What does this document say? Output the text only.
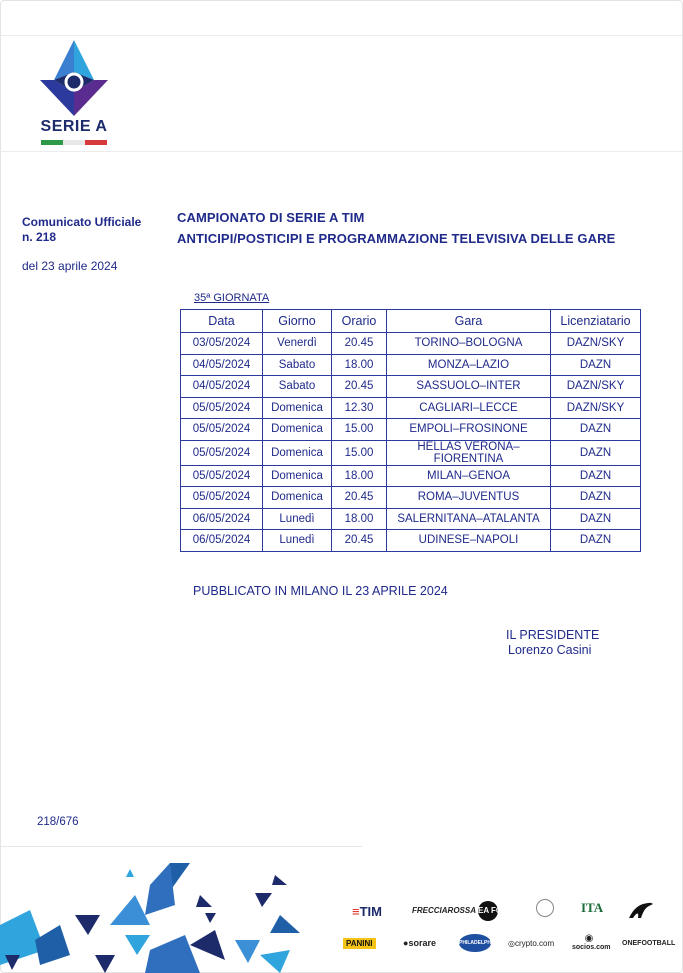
SERIE A
Comunicato Ufficiale
n. 218
del 23 aprile 2024
CAMPIONATO DI SERIE A TIM
ANTICIPI/POSTICIPI E PROGRAMMAZIONE TELEVISIVA DELLE GARE
35ª GIORNATA
Data	Giorno	Orario	Gara	Licenziatario
03/05/2024	Venerdì	20.45	TORINO–BOLOGNA	DAZN/SKY
04/05/2024	Sabato	18.00	MONZA–LAZIO	DAZN
04/05/2024	Sabato	20.45	SASSUOLO–INTER	DAZN/SKY
05/05/2024	Domenica	12.30	CAGLIARI–LECCE	DAZN/SKY
05/05/2024	Domenica	15.00	EMPOLI–FROSINONE	DAZN
05/05/2024	Domenica	15.00	HELLAS VERONA–FIORENTINA	DAZN
05/05/2024	Domenica	18.00	MILAN–GENOA	DAZN
05/05/2024	Domenica	20.45	ROMA–JUVENTUS	DAZN
06/05/2024	Lunedì	18.00	SALERNITANA–ATALANTA	DAZN
06/05/2024	Lunedì	20.45	UDINESE–NAPOLI	DAZN
PUBBLICATO IN MILANO IL 23 APRILE 2024
IL PRESIDENTE
Lorenzo Casini
218/676
≡TIM	FRECCIAROSSA EA FC	ITA
PANINI	●sorare	PHILADELPHIA ◎crypto.com	◉
socios.com
ONEFOOTBALL
